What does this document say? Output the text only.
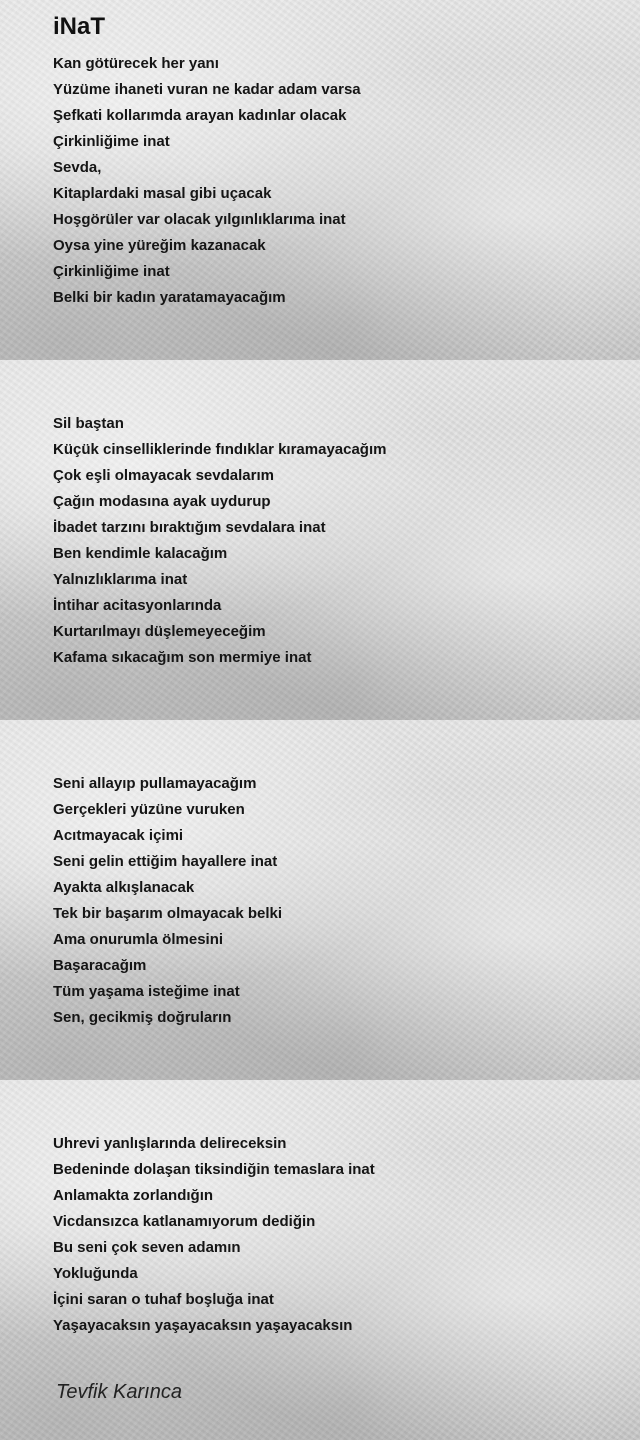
iNaT
Kan götürecek her yanı
Yüzüme ihaneti vuran ne kadar adam varsa
Şefkati kollarımda arayan kadınlar olacak
Çirkinliğime inat
Sevda,
Kitaplardaki masal gibi uçacak
Hoşgörüler var olacak yılgınlıklarıma inat
Oysa yine yüreğim kazanacak
Çirkinliğime inat
Belki bir kadın yaratamayacağım
Sil baştan
Küçük cinselliklerinde fındıklar kıramayacağım
Çok eşli olmayacak sevdalarım
Çağın modasına ayak uydurup
İbadet tarzını bıraktığım sevdalara inat
Ben kendimle kalacağım
Yalnızlıklarıma inat
İntihar acitasyonlarında
Kurtarılmayı düşlemeyeceğim
Kafama sıkacağım son mermiye inat
Seni allayıp pullamayacağım
Gerçekleri yüzüne vuruken
Acıtmayacak içimi
Seni gelin ettiğim hayallere inat
Ayakta alkışlanacak
Tek bir başarım olmayacak belki
Ama onurumla ölmesini
Başaracağım
Tüm yaşama isteğime inat
Sen, gecikmiş doğruların
Uhrevi yanlışlarında delireceksin
Bedeninde dolaşan tiksindiğin temaslara inat
Anlamakta zorlandığın
Vicdansızca katlanamıyorum dediğin
Bu seni çok seven adamın
Yokluğunda
İçini saran o tuhaf boşluğa inat
Yaşayacaksın yaşayacaksın yaşayacaksın
Tevfik Karınca
